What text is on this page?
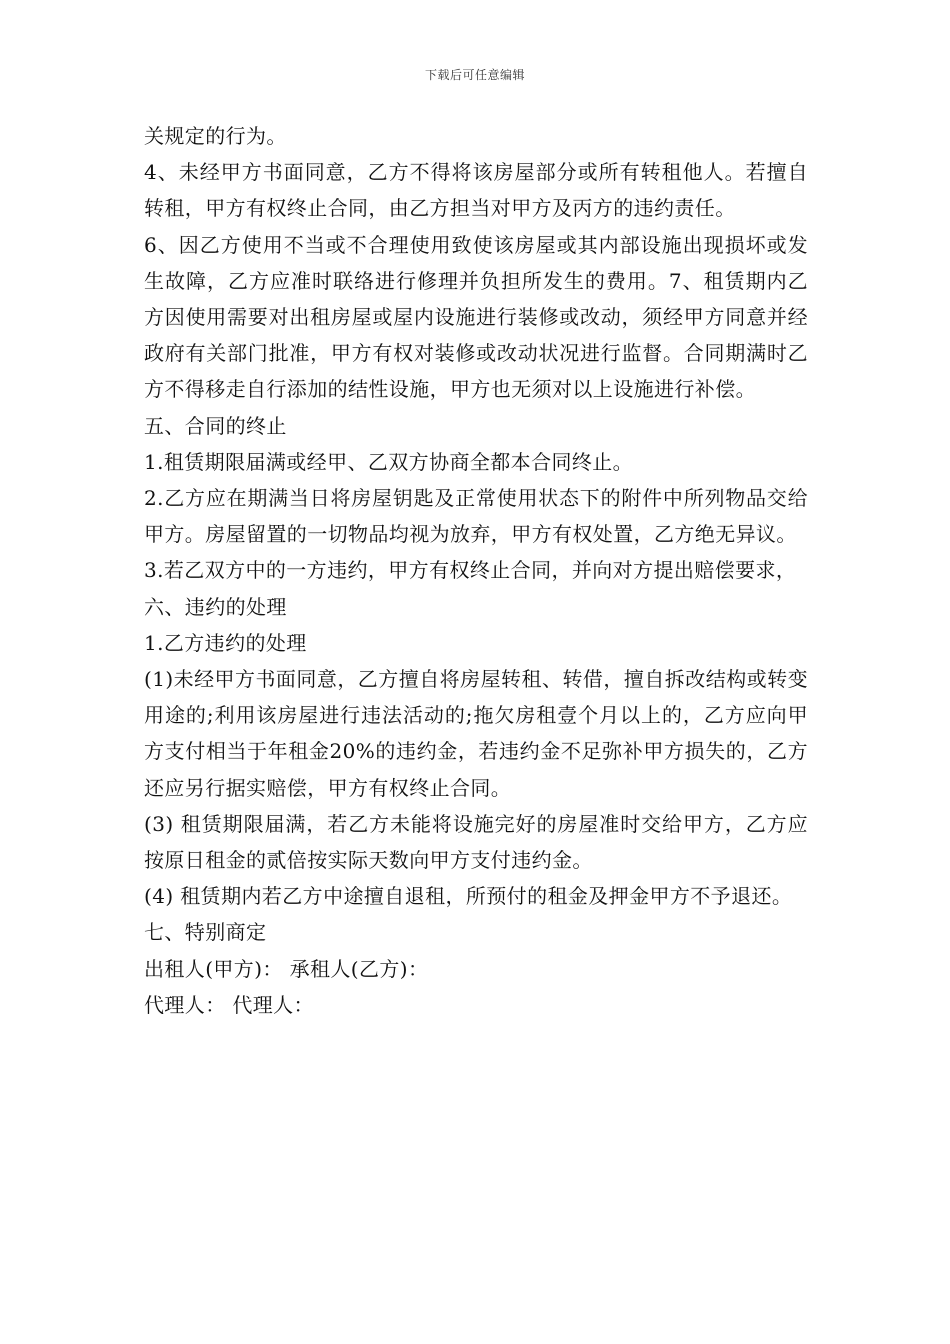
下载后可任意编辑

关规定的行为。

4、未经甲方书面同意，乙方不得将该房屋部分或所有转租他人。若擅自转租，甲方有权终止合同，由乙方担当对甲方及丙方的违约责任。

6、因乙方使用不当或不合理使用致使该房屋或其内部设施出现损坏或发生故障，乙方应准时联络进行修理并负担所发生的费用。7、租赁期内乙方因使用需要对出租房屋或屋内设施进行装修或改动，须经甲方同意并经政府有关部门批准，甲方有权对装修或改动状况进行监督。合同期满时乙方不得移走自行添加的结性设施，甲方也无须对以上设施进行补偿。

五、合同的终止

1.租赁期限届满或经甲、乙双方协商全都本合同终止。

2.乙方应在期满当日将房屋钥匙及正常使用状态下的附件中所列物品交给甲方。房屋留置的一切物品均视为放弃，甲方有权处置，乙方绝无异议。

3.若乙双方中的一方违约，甲方有权终止合同，并向对方提出赔偿要求，

六、违约的处理

1.乙方违约的处理

(1)未经甲方书面同意，乙方擅自将房屋转租、转借，擅自拆改结构或转变用途的;利用该房屋进行违法活动的;拖欠房租壹个月以上的，乙方应向甲方支付相当于年租金20%的违约金，若违约金不足弥补甲方损失的，乙方还应另行据实赔偿，甲方有权终止合同。

(3) 租赁期限届满，若乙方未能将设施完好的房屋准时交给甲方，乙方应按原日租金的贰倍按实际天数向甲方支付违约金。

(4) 租赁期内若乙方中途擅自退租，所预付的租金及押金甲方不予退还。

七、特别商定

出租人(甲方)： 承租人(乙方)：

代理人： 代理人：
